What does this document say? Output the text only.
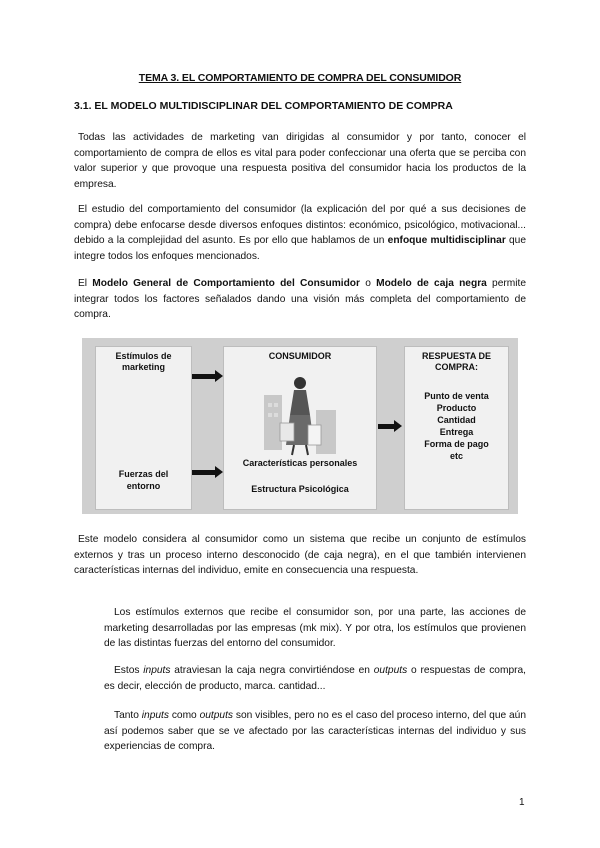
TEMA 3. EL COMPORTAMIENTO DE COMPRA DEL CONSUMIDOR
3.1. EL MODELO MULTIDISCIPLINAR DEL COMPORTAMIENTO DE COMPRA

Todas las actividades de marketing van dirigidas al consumidor y por tanto, conocer el comportamiento de compra de ellos es vital para poder confeccionar una oferta que se perciba con valor superior y que provoque una respuesta positiva del consumidor hacia los productos de la empresa.

El estudio del comportamiento del consumidor (la explicación del por qué a sus decisiones de compra) debe enfocarse desde diversos enfoques distintos: económico, psicológico, motivacional... debido a la complejidad del asunto. Es por ello que hablamos de un enfoque multidisciplinar que integre todos los enfoques mencionados.

El Modelo General de Comportamiento del Consumidor o Modelo de caja negra permite integrar todos los factores señalados dando una visión más completa del comportamiento de compra.

Estímulos de
marketing
Fuerzas del
entorno
CONSUMIDOR
Características personales
Estructura Psicológica
RESPUESTA DE
COMPRA:
Punto de venta
Producto
Cantidad
Entrega
Forma de pago
etc

Este modelo considera al consumidor como un sistema que recibe un conjunto de estímulos externos y tras un proceso interno desconocido (de caja negra), en el que también intervienen características internas del individuo, emite en consecuencia una respuesta.

Los estímulos externos que recibe el consumidor son, por una parte, las acciones de marketing desarrolladas por las empresas (mk mix). Y por otra, los estímulos que provienen de las distintas fuerzas del entorno del consumidor.

Estos inputs atraviesan la caja negra convirtiéndose en outputs o respuestas de compra, es decir, elección de producto, marca. cantidad...

Tanto inputs como outputs son visibles, pero no es el caso del proceso interno, del que aún así podemos saber que se ve afectado por las características internas del individuo y sus experiencias de compra.

1
